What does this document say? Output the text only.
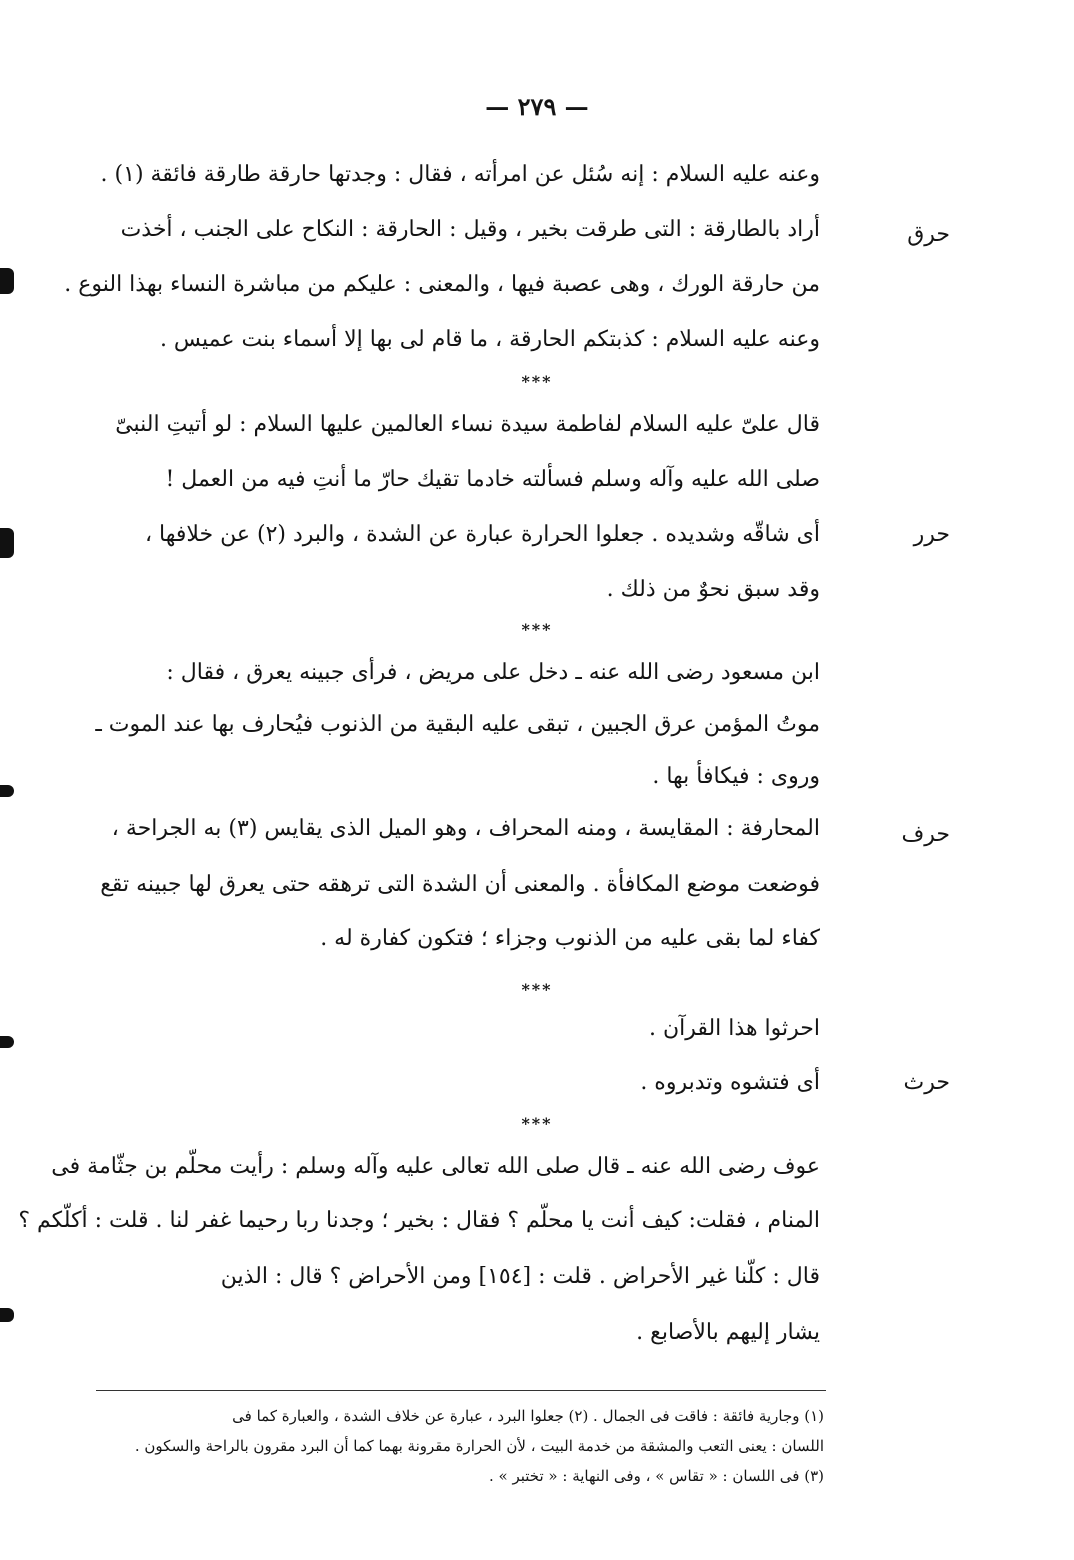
— ٢٧٩ —
وعنه عليه السلام : إنه سُئل عن امرأته ، فقال : وجدتها حارقة طارقة فائقة (١) .
أراد بالطارقة : التى طرقت بخير ، وقيل : الحارقة : النكاح على الجنب ، أخذت
من حارقة الورك ، وهى عصبة فيها ، والمعنى : عليكم من مباشرة النساء بهذا النوع .
وعنه عليه السلام : كذبتكم الحارقة ، ما قام لى بها إلا أسماء بنت عميس .
حرق
***
قال علىّ عليه السلام لفاطمة سيدة نساء العالمين عليها السلام : لو أتيتِ النبىّ
صلى الله عليه وآله وسلم فسألته خادما تقيك حارّ ما أنتِ فيه من العمل !
أى شاقّه وشديده . جعلوا الحرارة عبارة عن الشدة ، والبرد (٢) عن خلافها ،
وقد سبق نحوٌ من ذلك .
حرر
***
ابن مسعود رضى الله عنه ـ دخل على مريض ، فرأى جبينه يعرق ، فقال :
موتُ المؤمن عرق الجبين ، تبقى عليه البقية من الذنوب فيُحارف بها عند الموت ـ
وروى : فيكافأ بها .
المحارفة : المقايسة ، ومنه المحراف ، وهو الميل الذى يقايس (٣) به الجراحة ،
فوضعت موضع المكافأة . والمعنى أن الشدة التى ترهقه حتى يعرق لها جبينه تقع
كفاء لما بقى عليه من الذنوب وجزاء ؛ فتكون كفارة له .
حرف
***
احرثوا هذا القرآن .
أى فتشوه وتدبروه .	حرث
***
عوف رضى الله عنه ـ قال صلى الله تعالى عليه وآله وسلم : رأيت محلّم بن جثّامة فى
المنام ، فقلت: كيف أنت يا محلّم ؟ فقال : بخير ؛ وجدنا ربا رحيما غفر لنا . قلت : أكلّكم ؟
قال : كلّنا غير الأحراض . قلت : [١٥٤] ومن الأحراض ؟ قال : الذين
يشار إليهم بالأصابع .
(١) وجارية فائقة : فاقت فى الجمال . (٢) جعلوا البرد ، عبارة عن خلاف الشدة ، والعبارة كما فى
اللسان : يعنى التعب والمشقة من خدمة البيت ، لأن الحرارة مقرونة بهما كما أن البرد مقرون بالراحة والسكون .
(٣) فى اللسان : « تقاس » ، وفى النهاية : « تختبر » .
